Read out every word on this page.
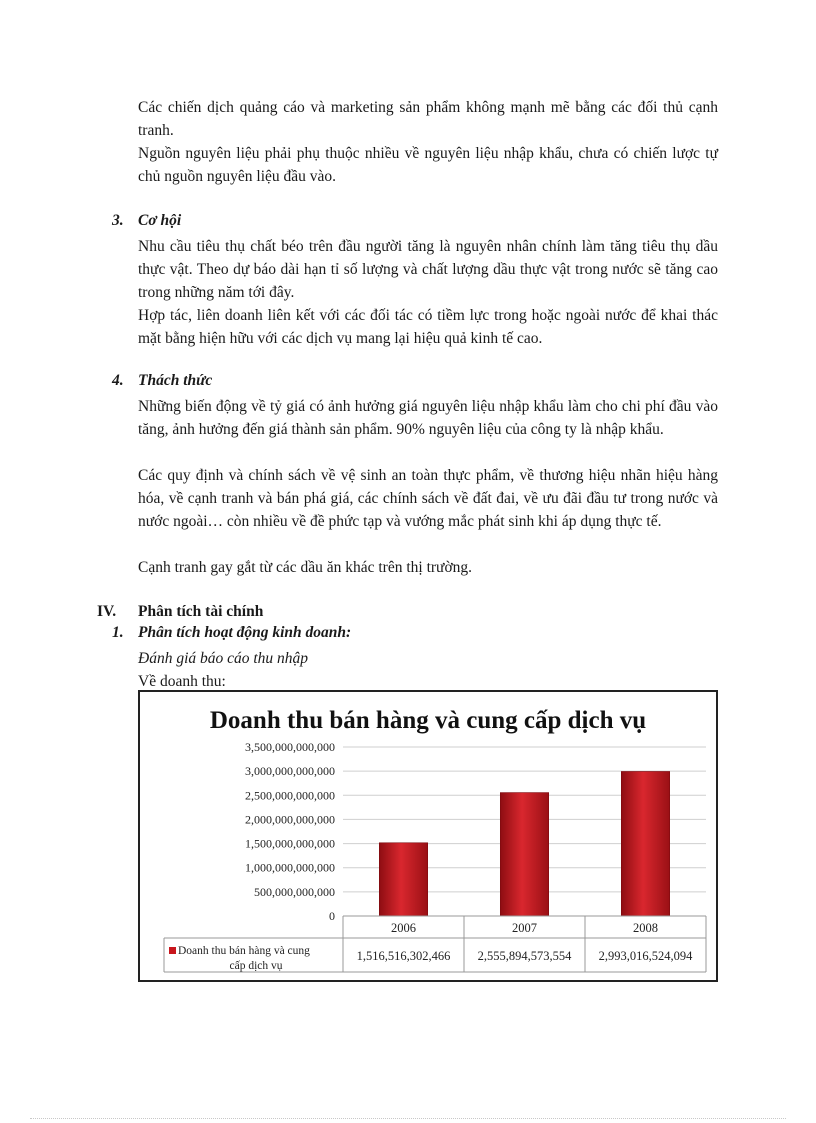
Các chiến dịch quảng cáo và marketing sản phẩm không mạnh mẽ bằng các đối thủ cạnh tranh.

Nguồn nguyên liệu phải phụ thuộc nhiều về nguyên liệu nhập khẩu, chưa có chiến lược tự chủ nguồn nguyên liệu đầu vào.

3. Cơ hội

Nhu cầu tiêu thụ chất béo trên đầu người tăng là nguyên nhân chính làm tăng tiêu thụ dầu thực vật. Theo dự báo dài hạn tỉ số lượng và chất lượng dầu thực vật trong nước sẽ tăng cao trong những năm tới đây.

Hợp tác, liên doanh liên kết với các đối tác có tiềm lực trong hoặc ngoài nước để khai thác mặt bằng hiện hữu với các dịch vụ mang lại hiệu quả kinh tế cao.

4. Thách thức

Những biến động về tỷ giá có ảnh hưởng giá nguyên liệu nhập khẩu làm cho chi phí đầu vào tăng, ảnh hưởng đến giá thành sản phẩm. 90% nguyên liệu của công ty là nhập khẩu.

Các quy định và chính sách về vệ sinh an toàn thực phẩm, về thương hiệu nhãn hiệu hàng hóa, về cạnh tranh và bán phá giá, các chính sách về đất đai, về ưu đãi đầu tư trong nước và nước ngoài… còn nhiều về đề phức tạp và vướng mắc phát sinh khi áp dụng thực tế.

Cạnh tranh gay gắt từ các dầu ăn khác trên thị trường.

IV. Phân tích tài chính
1. Phân tích hoạt động kinh doanh:
Đánh giá báo cáo thu nhập
Về doanh thu:
Doanh thu bán hàng và cung cấp dịch vụ
0
500,000,000,000
1,000,000,000,000
1,500,000,000,000
2,000,000,000,000
2,500,000,000,000
3,000,000,000,000
3,500,000,000,000
2006
1,516,516,302,466
2007
2,555,894,573,554
2008
2,993,016,524,094
Doanh thu bán hàng và cung
cấp dịch vụ
